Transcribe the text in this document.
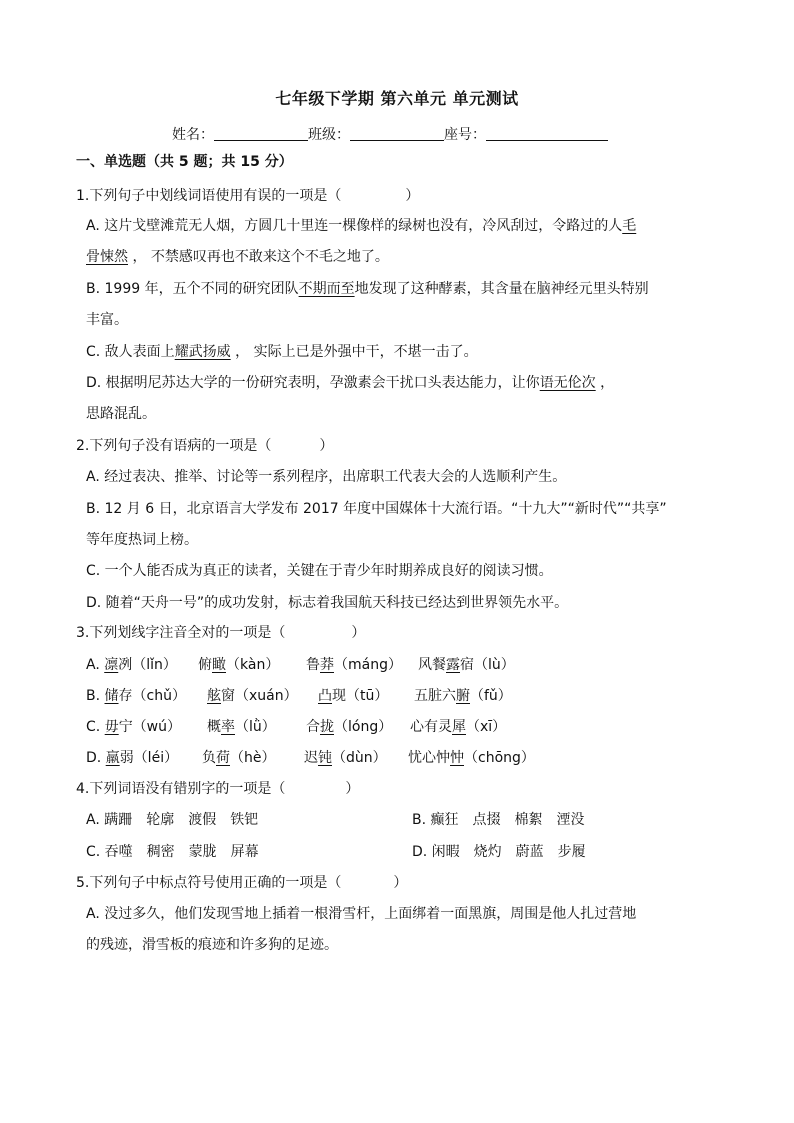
七年级下学期 第六单元 单元测试
姓名：	班级：	座号：
一、单选题（共 5 题；共 15 分）
1.下列句子中划线词语使用有误的一项是（	）
A. 这片戈壁滩荒无人烟，方圆几十里连一棵像样的绿树也没有，冷风刮过，令路过的人毛
骨悚然 ， 不禁感叹再也不敢来这个不毛之地了。
B. 1999 年，五个不同的研究团队不期而至地发现了这种酵素，其含量在脑神经元里头特别
丰富。
C. 敌人表面上耀武扬威 ， 实际上已是外强中干，不堪一击了。
D. 根据明尼苏达大学的一份研究表明，孕激素会干扰口头表达能力，让你语无伦次 ，
思路混乱。
2.下列句子没有语病的一项是（	）
A. 经过表决、推举、讨论等一系列程序，出席职工代表大会的人选顺利产生。
B. 12 月 6 日，北京语言大学发布 2017 年度中国媒体十大流行语。“十九大”“新时代”“共享”
等年度热词上榜。
C. 一个人能否成为真正的读者，关键在于青少年时期养成良好的阅读习惯。
D. 随着“天舟一号”的成功发射，标志着我国航天科技已经达到世界领先水平。
3.下列划线字注音全对的一项是（	）
A. 凛冽（lǐn） 俯瞰（kàn） 鲁莽（máng） 风餐露宿（lù）
B. 储存（chǔ） 舷窗（xuán） 凸现（tū） 五脏六腑（fǔ）
C. 毋宁（wú） 概率（lǜ） 合拢（lóng） 心有灵犀（xī）
D. 羸弱（léi） 负荷（hè） 迟钝（dùn） 忧心忡忡（chōng）
4.下列词语没有错别字的一项是（	）
A. 蹒跚　轮廓　渡假　铁钯	B. 癫狂　点掇　棉絮　湮没
C. 吞噬　稠密　蒙胧　屏幕	D. 闲暇　烧灼　蔚蓝　步履
5.下列句子中标点符号使用正确的一项是（	）
A. 没过多久，他们发现雪地上插着一根滑雪杆，上面绑着一面黑旗，周围是他人扎过营地
的残迹，滑雪板的痕迹和许多狗的足迹。
